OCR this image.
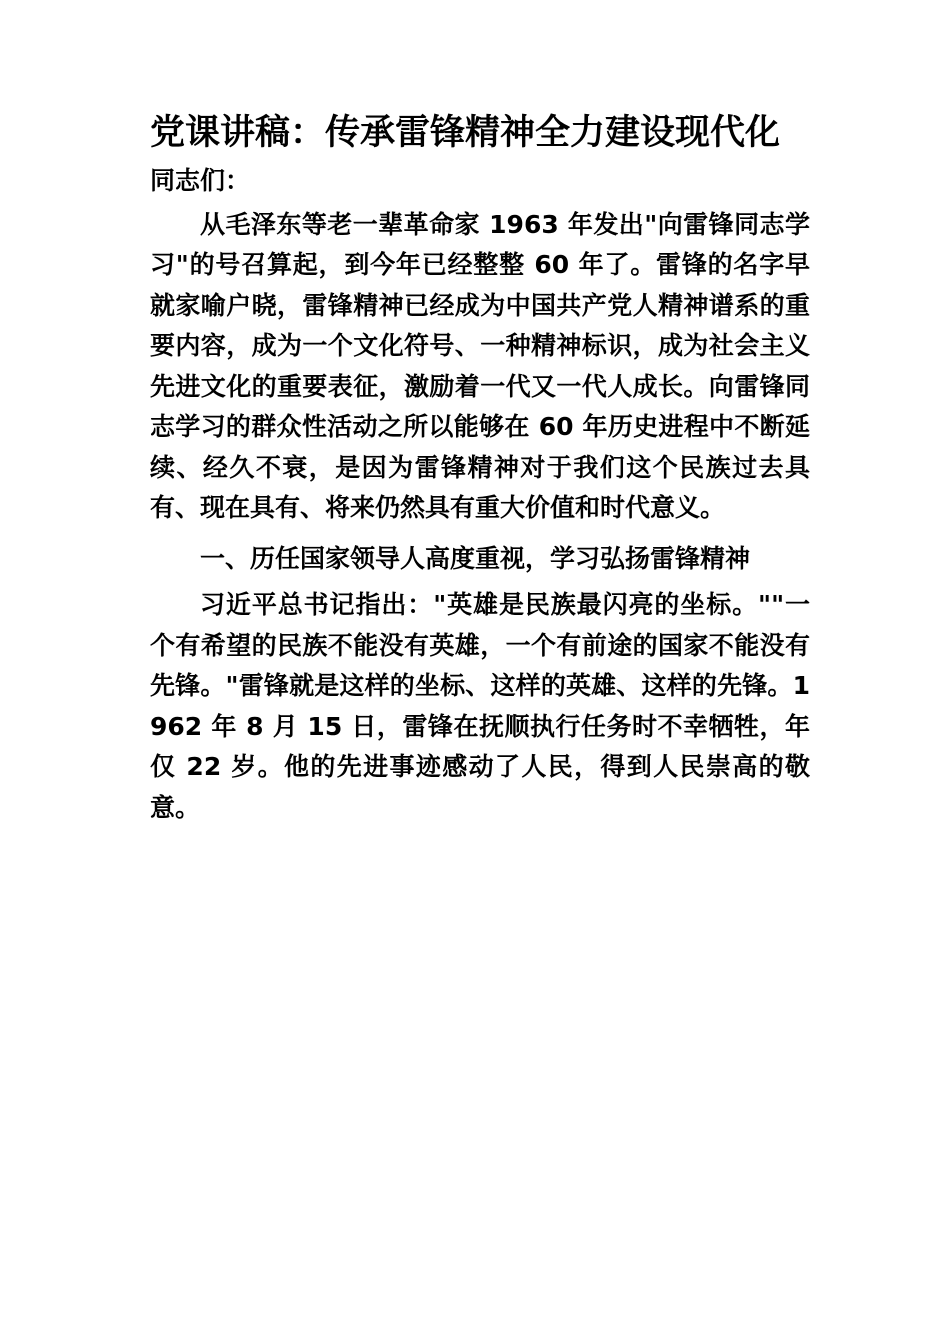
党课讲稿：传承雷锋精神全力建设现代化

同志们：

从毛泽东等老一辈革命家 1963 年发出"向雷锋同志学习"的号召算起，到今年已经整整 60 年了。雷锋的名字早就家喻户晓，雷锋精神已经成为中国共产党人精神谱系的重要内容，成为一个文化符号、一种精神标识，成为社会主义先进文化的重要表征，激励着一代又一代人成长。向雷锋同志学习的群众性活动之所以能够在 60 年历史进程中不断延续、经久不衰，是因为雷锋精神对于我们这个民族过去具有、现在具有、将来仍然具有重大价值和时代意义。

一、历任国家领导人高度重视，学习弘扬雷锋精神

习近平总书记指出："英雄是民族最闪亮的坐标。""一个有希望的民族不能没有英雄，一个有前途的国家不能没有先锋。"雷锋就是这样的坐标、这样的英雄、这样的先锋。1962 年 8 月 15 日，雷锋在抚顺执行任务时不幸牺牲，年仅 22 岁。他的先进事迹感动了人民，得到人民崇高的敬意。
